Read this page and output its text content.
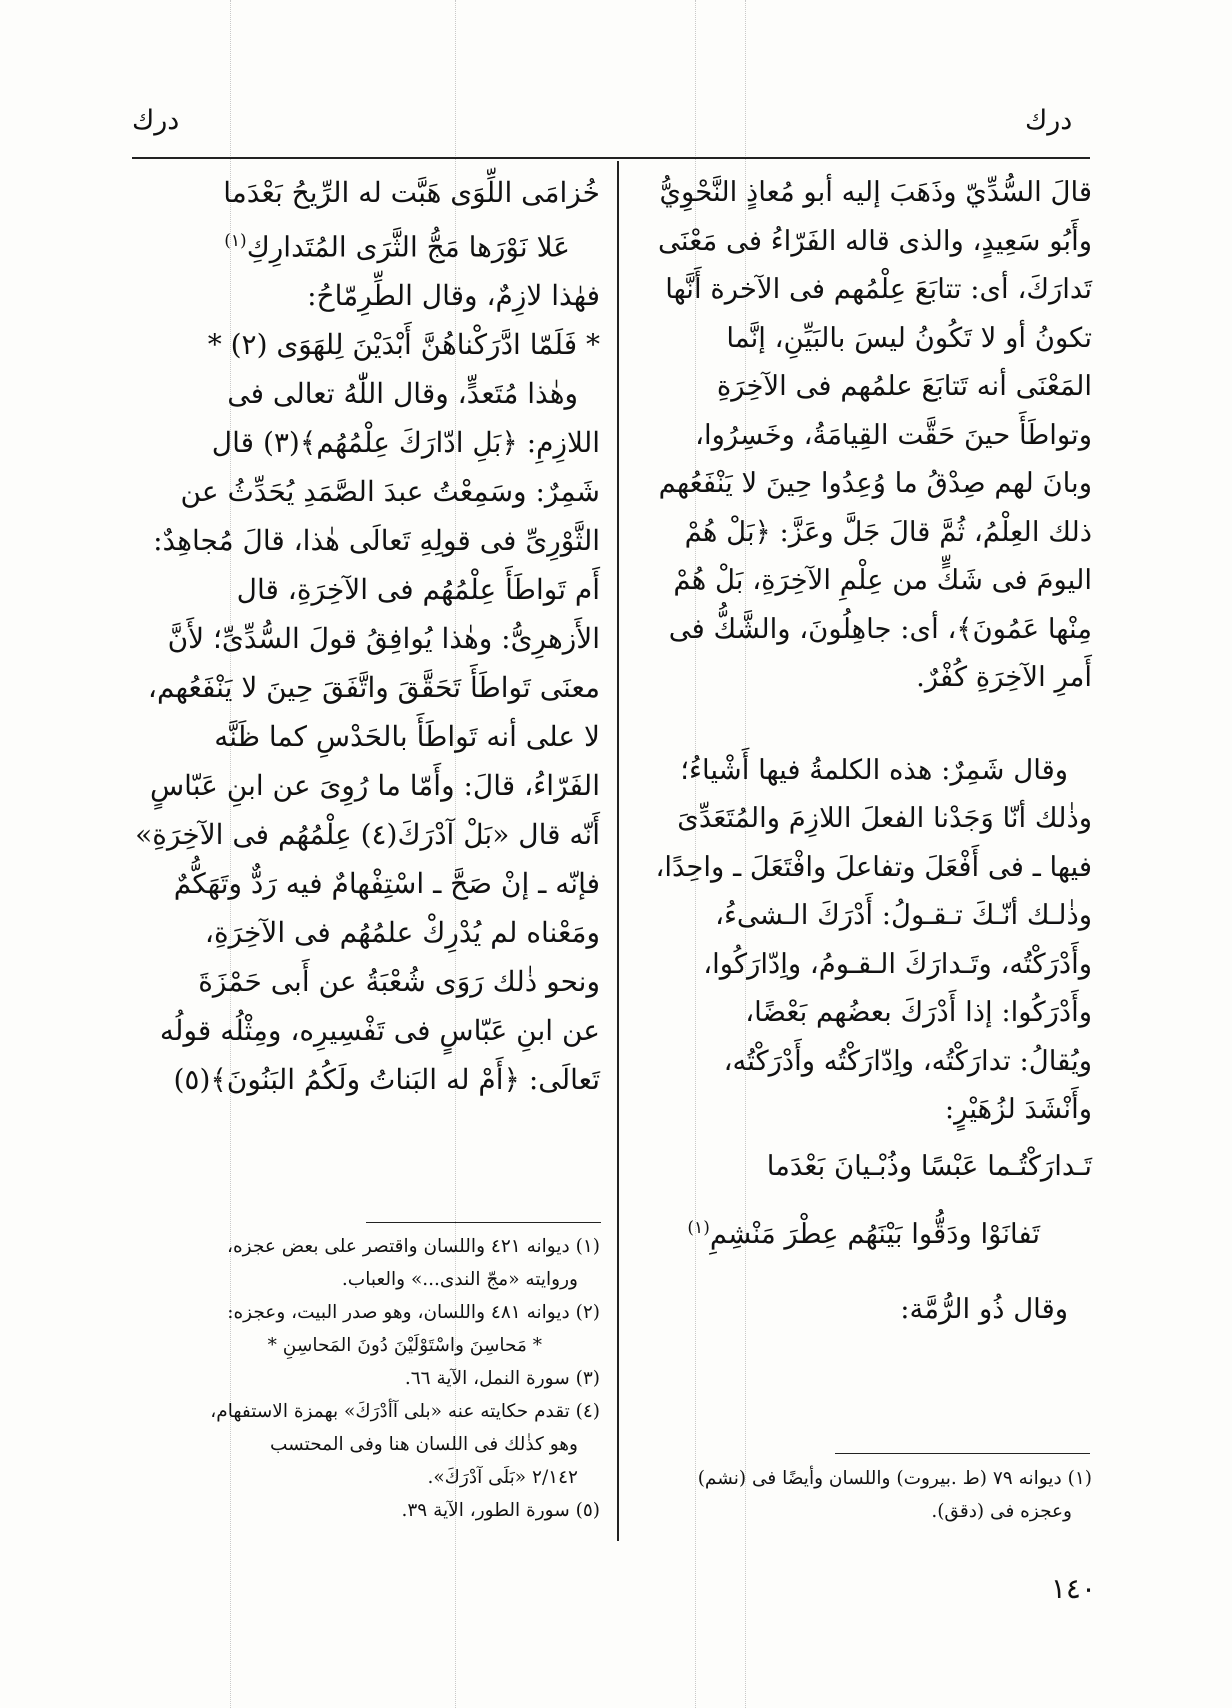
درك
درك

قالَ السُّدِّيّ وذَهَبَ إليه أبو مُعاذٍ النَّحْوِيُّ

وأَبُو سَعِيدٍ، والذى قاله الفَرّاءُ فى مَعْنَى

تَدارَكَ، أى: تتابَعَ عِلْمُهم فى الآخرة أَنَّها

تكونُ أو لا تَكُونُ ليسَ بالبَيِّنِ، إنَّما

المَعْنَى أنه تَتابَعَ علمُهم فى الآخِرَةِ

وتواطَأَ حينَ حَقَّت القِيامَةُ، وخَسِرُوا،

وبانَ لهم صِدْقُ ما وُعِدُوا حِينَ لا يَنْفَعُهم

ذلك العِلْمُ، ثُمَّ قالَ جَلَّ وعَزَّ: ﴿بَلْ هُمْ

اليومَ فى شَكٍّ من عِلْمِ الآخِرَةِ، بَلْ هُمْ

مِنْها عَمُونَ﴾، أى: جاهِلُونَ، والشَّكُّ فى

أَمرِ الآخِرَةِ كُفْرٌ.

وقال شَمِرٌ: هذه الكلمةُ فيها أَشْياءُ؛

وذٰلك أنّا وَجَدْنا الفعلَ اللازِمَ والمُتَعَدِّىَ

فيها ـ فى أَفْعَلَ وتفاعلَ وافْتَعَلَ ـ واحِدًا،

وذٰلـك أنّـكَ تـقـولُ: أَدْرَكَ الـشىءُ،

وأَدْرَكْتُه، وتَـدارَكَ الـقـومُ، واِدّارَكُوا،

وأَدْرَكُوا: إذا أَدْرَكَ بعضُهم بَعْضًا،

ويُقالُ: تدارَكْتُه، واِدّارَكْتُه وأَدْرَكْتُه،

وأَنْشَدَ لزُهَيْرٍ:

تَـدارَكْتُـما عَبْسًا وذُبْـيانَ بَعْدَما

تَفانَوْا ودَقُّوا بَيْنَهُم عِطْرَ مَنْشِمِ$^{(١)}$

وقال ذُو الرُّمَّة:

(١) ديوانه ٧٩ (ط .بيروت) واللسان وأيضًا فى (نشم)

وعجزه فى (دقق).

خُزامَى اللِّوَى هَبَّت له الرِّيحُ بَعْدَما

عَلا نَوْرَها مَجُّ الثَّرَى المُتَدارِكِ$^{(١)}$

فهٰذا لازِمٌ، وقال الطِّرِمّاحُ:

* فَلَمّا ادَّرَكْناهُنَّ أَبْدَيْنَ لِلهَوَى (٢) *

وهٰذا مُتَعدٍّ، وقال اللّٰهُ تعالى فى

اللازِمِ: ﴿بَلِ ادّارَكَ عِلْمُهُم﴾(٣) قال

شَمِرٌ: وسَمِعْتُ عبدَ الصَّمَدِ يُحَدِّثُ عن

الثَّوْرِىِّ فى قولِهِ تَعالَى هٰذا، قالَ مُجاهِدٌ:

أَم تَواطَأَ عِلْمُهُم فى الآخِرَةِ، قال

الأَزهرِىُّ: وهٰذا يُوافِقُ قولَ السُّدِّىِّ؛ لأَنَّ

معنَى تَواطَأَ تَحَقَّقَ واتَّفَقَ حِينَ لا يَنْفَعُهم،

لا على أنه تَواطَأَ بالحَدْسِ كما ظَنَّه

الفَرّاءُ، قالَ: وأَمّا ما رُوِىَ عن ابنِ عَبّاسٍ

أَنّه قال «بَلْ آدْرَكَ(٤) عِلْمُهُم فى الآخِرَةِ»

فإنّه ـ إنْ صَحَّ ـ اسْتِفْهامٌ فيه رَدٌّ وتَهَكُّمٌ

ومَعْناه لم يُدْرِكْ علمُهُم فى الآخِرَةِ،

ونحو ذٰلك رَوَى شُعْبَةُ عن أَبى حَمْزَةَ

عن ابنِ عَبّاسٍ فى تَفْسِيرِه، ومِثْلُه قولُه

تَعالَى: ﴿أَمْ له البَناتُ ولَكُمُ البَنُونَ﴾(٥)

(١) ديوانه ٤٢١ واللسان واقتصر على بعض عجزه،

وروايته «مجّ الندى...» والعباب.

(٢) ديوانه ٤٨١ واللسان، وهو صدر البيت، وعجزه:

* مَحاسِنَ واسْتَوْلَيْنَ دُونَ المَحاسِنِ *

(٣) سورة النمل، الآية ٦٦.

(٤) تقدم حكايته عنه «بلى آأدْرَكَ» بهمزة الاستفهام،

وهو كذٰلك فى اللسان هنا وفى المحتسب

٢/١٤٢ «بَلَى آدْرَكَ».

(٥) سورة الطور، الآية ٣٩.

١٤٠
